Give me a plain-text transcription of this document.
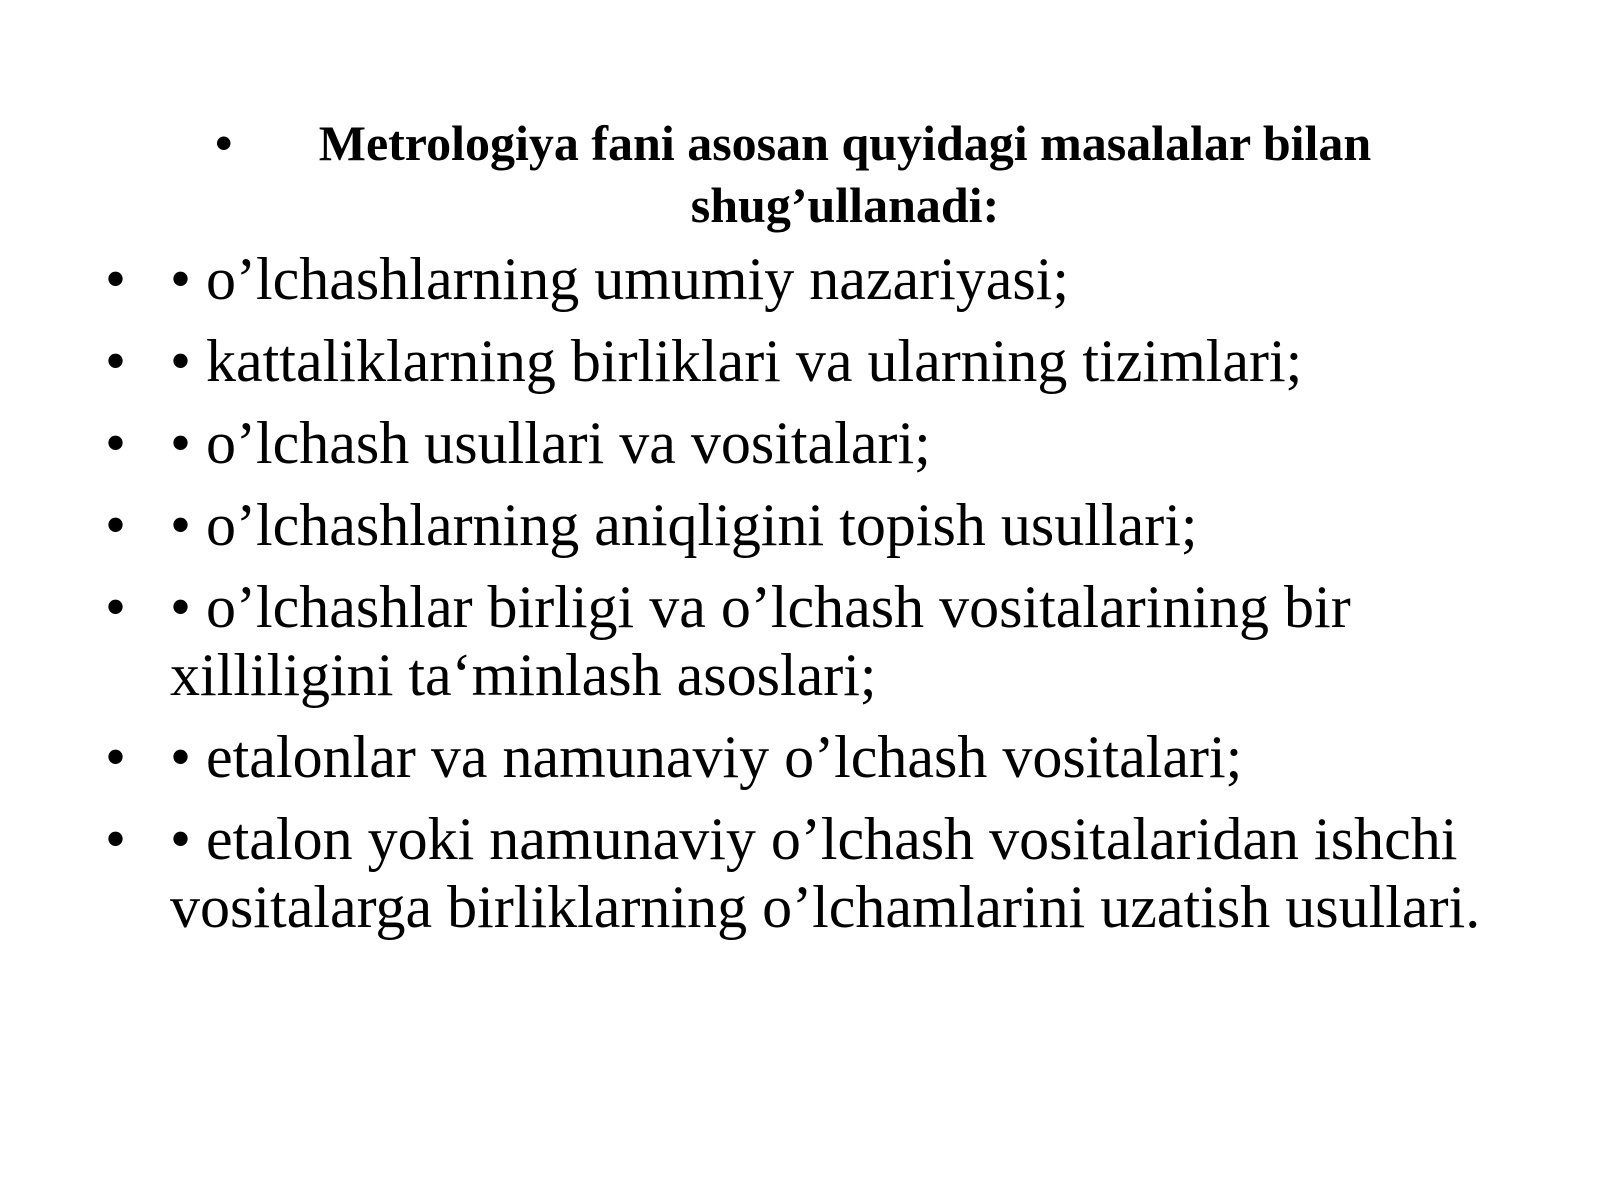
•	Metrologiya fani asosan quyidagi masalalar bilan shug’ullanadi:
• • o’lchashlarning umumiy nazariyasi;
• • kattaliklarning birliklari va ularning tizimlari;
• • o’lchash usullari va vositalari;
• • o’lchashlarning aniqligini topish usullari;
• • o’lchashlar birligi va o’lchash vositalarining bir xilliligini ta‘minlash asoslari;
• • etalonlar va namunaviy o’lchash vositalari;
• • etalon yoki namunaviy o’lchash vositalaridan ishchi vositalarga birliklarning o’lchamlarini uzatish usullari.
